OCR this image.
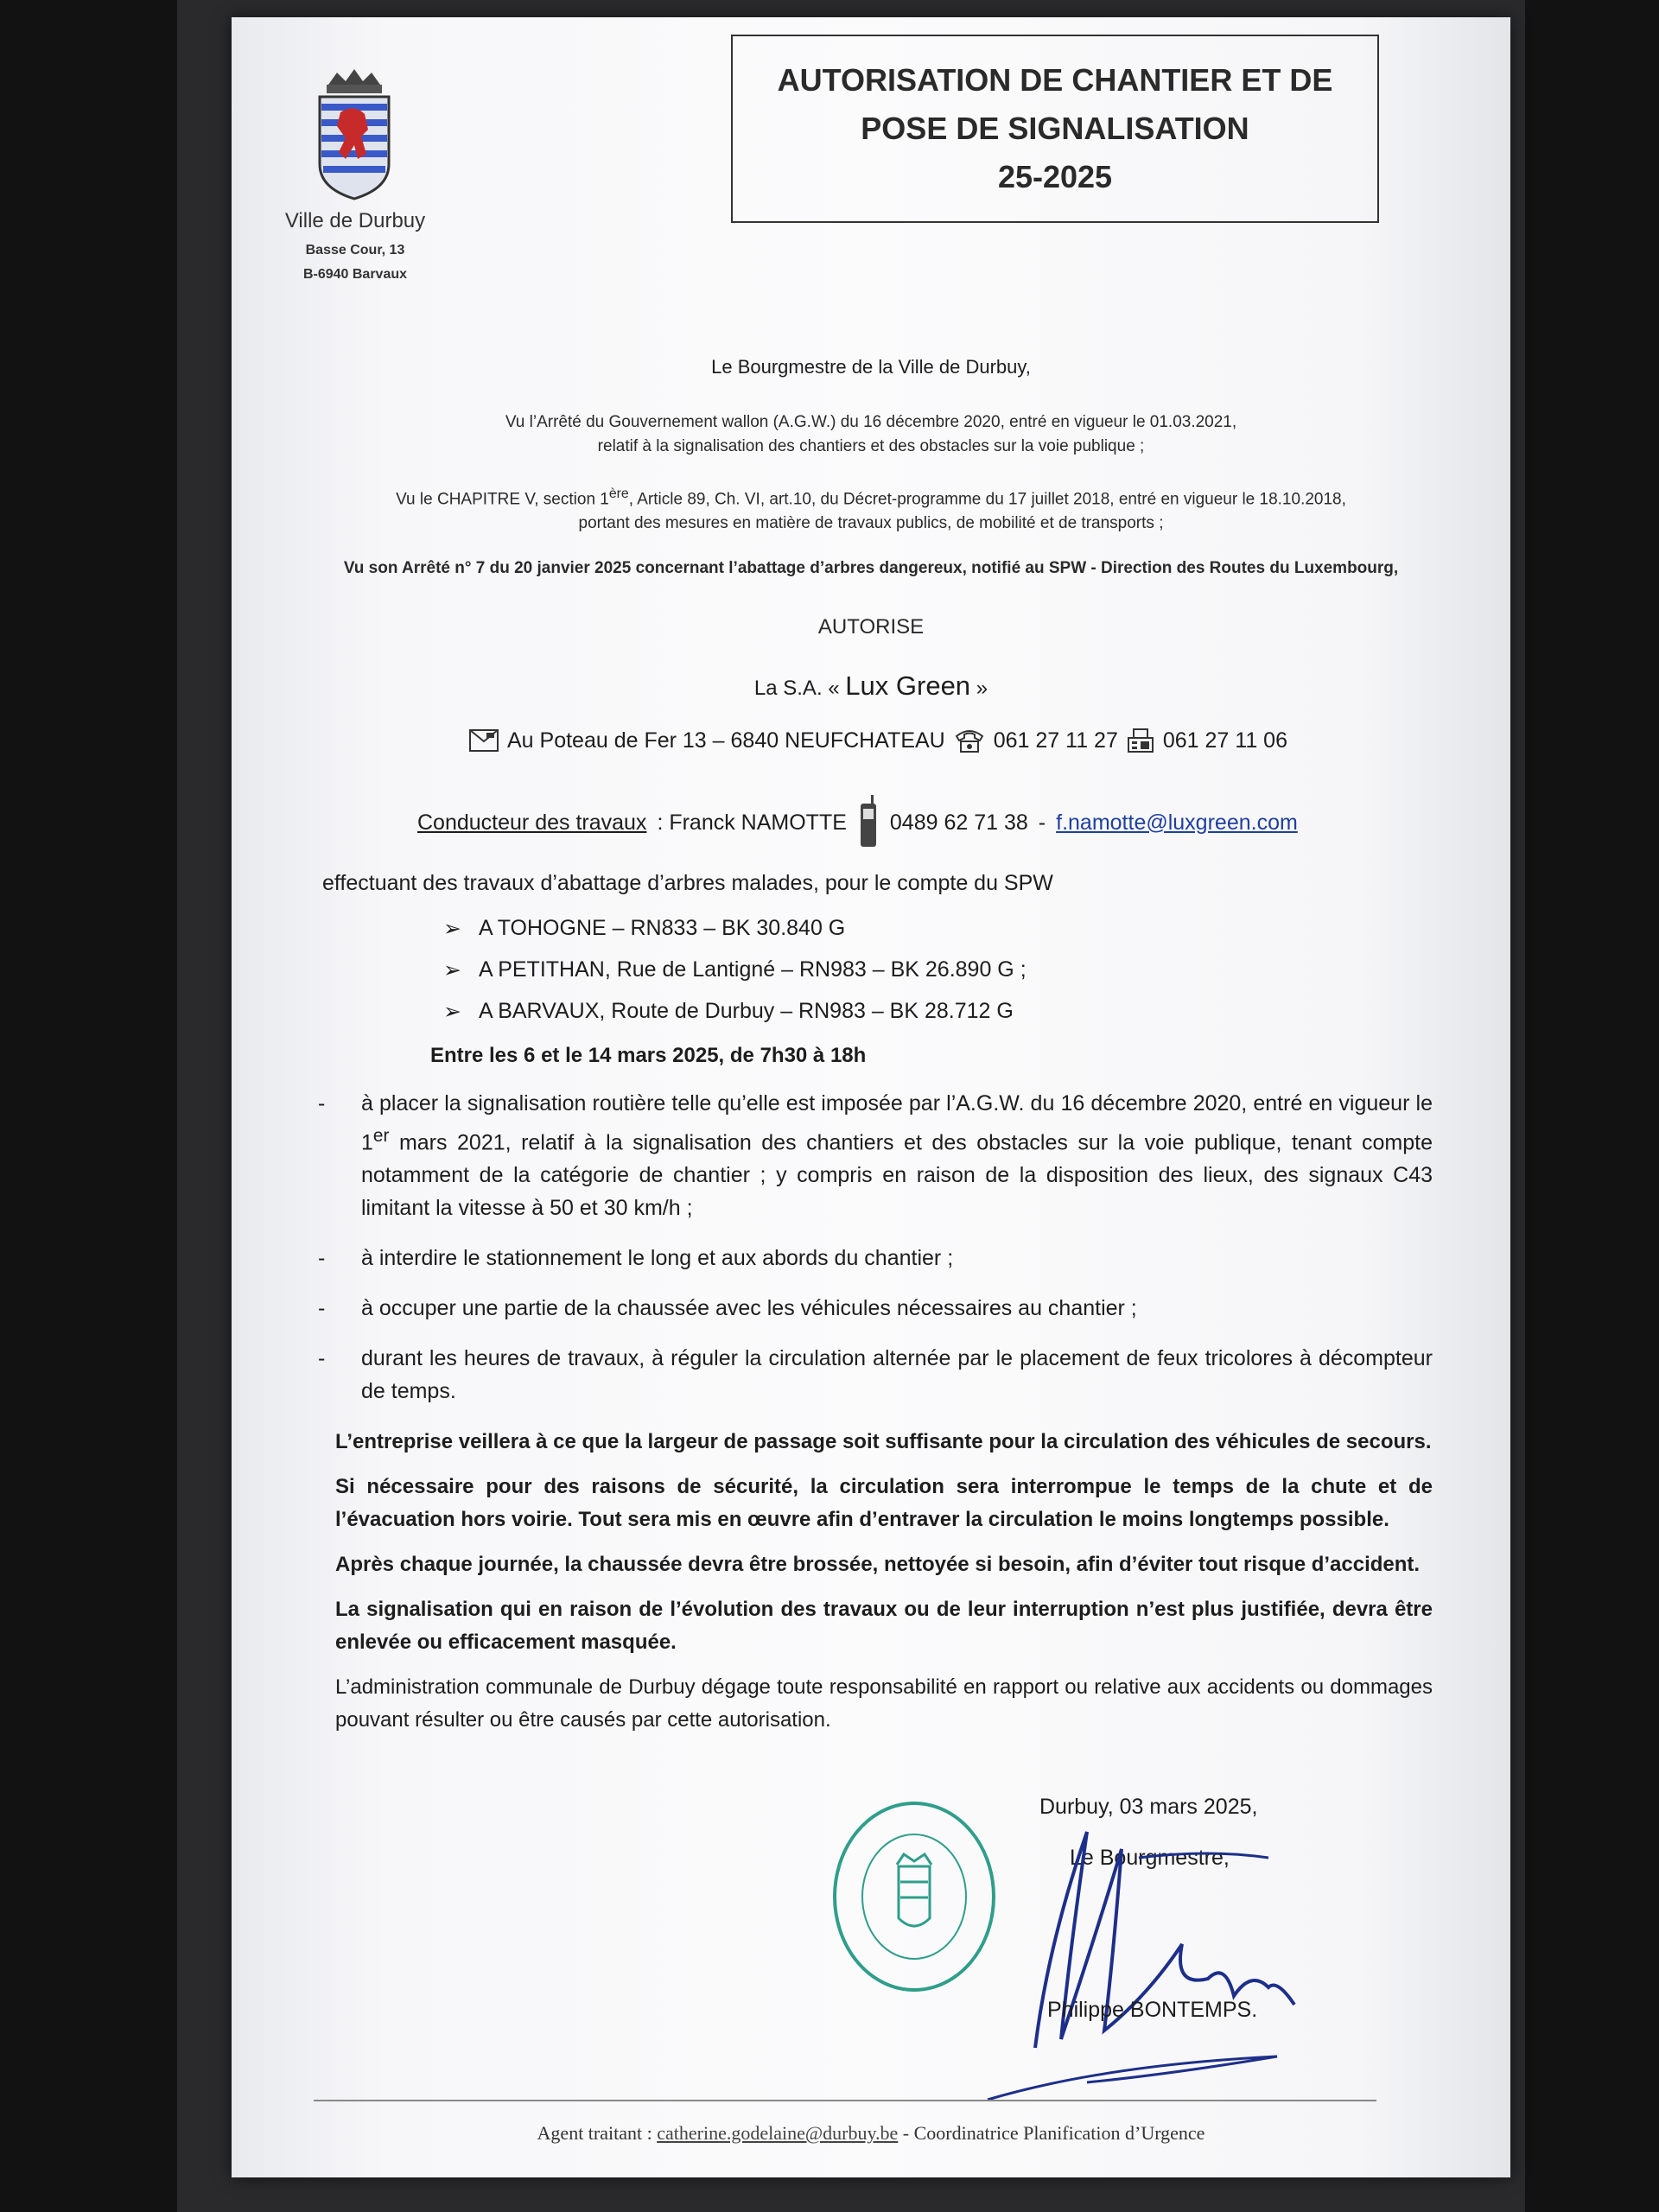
Ville de Durbuy
Basse Cour, 13
B-6940 Barvaux
AUTORISATION DE CHANTIER ET DE
POSE DE SIGNALISATION
25-2025
Le Bourgmestre de la Ville de Durbuy,
Vu l’Arrêté du Gouvernement wallon (A.G.W.) du 16 décembre 2020, entré en vigueur le 01.03.2021,
relatif à la signalisation des chantiers et des obstacles sur la voie publique ;
Vu le CHAPITRE V, section 1ère, Article 89, Ch. VI, art.10, du Décret-programme du 17 juillet 2018, entré en vigueur le 18.10.2018,
portant des mesures en matière de travaux publics, de mobilité et de transports ;
Vu son Arrêté n° 7 du 20 janvier 2025 concernant l’abattage d’arbres dangereux, notifié au SPW - Direction des Routes du Luxembourg,
AUTORISE
La S.A. « Lux Green »
Au Poteau de Fer 13 – 6840 NEUFCHATEAU 061 27 11 27 061 27 11 06
Conducteur des travaux : Franck NAMOTTE 0489 62 71 38 - f.namotte@luxgreen.com
effectuant des travaux d’abattage d’arbres malades, pour le compte du SPW
➢ A TOHOGNE – RN833 – BK 30.840 G
➢ A PETITHAN, Rue de Lantigné – RN983 – BK 26.890 G ;
➢ A BARVAUX, Route de Durbuy – RN983 – BK 28.712 G
Entre les 6 et le 14 mars 2025, de 7h30 à 18h
-	à placer la signalisation routière telle qu’elle est imposée par l’A.G.W. du 16 décembre 2020, entré en vigueur le 1er mars 2021, relatif à la signalisation des chantiers et des obstacles sur la voie publique, tenant compte notamment de la catégorie de chantier ; y compris en raison de la disposition des lieux, des signaux C43 limitant la vitesse à 50 et 30 km/h ;
-	à interdire le stationnement le long et aux abords du chantier ;
-	à occuper une partie de la chaussée avec les véhicules nécessaires au chantier ;
-	durant les heures de travaux, à réguler la circulation alternée par le placement de feux tricolores à décompteur de temps.

L’entreprise veillera à ce que la largeur de passage soit suffisante pour la circulation des véhicules de secours.

Si nécessaire pour des raisons de sécurité, la circulation sera interrompue le temps de la chute et de l’évacuation hors voirie. Tout sera mis en œuvre afin d’entraver la circulation le moins longtemps possible.

Après chaque journée, la chaussée devra être brossée, nettoyée si besoin, afin d’éviter tout risque d’accident.

La signalisation qui en raison de l’évolution des travaux ou de leur interruption n’est plus justifiée, devra être enlevée ou efficacement masquée.

L’administration communale de Durbuy dégage toute responsabilité en rapport ou relative aux accidents ou dommages pouvant résulter ou être causés par cette autorisation.

Durbuy, 03 mars 2025,
Le Bourgmestre,
Philippe BONTEMPS.
Agent traitant : catherine.godelaine@durbuy.be - Coordinatrice Planification d’Urgence
